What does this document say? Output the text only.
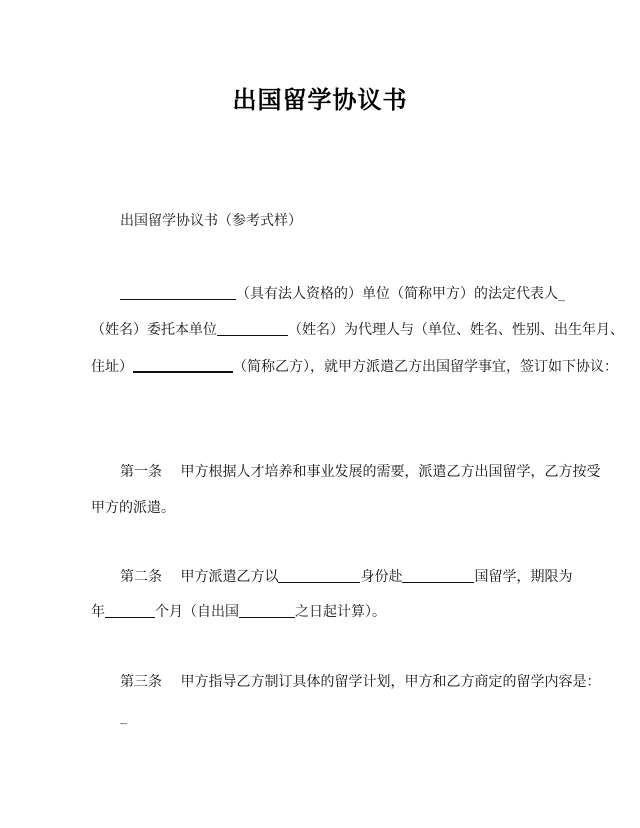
出国留学协议书
出国留学协议书（参考式样）
（具有法人资格的）单位（简称甲方）的法定代表人_
（姓名）委托本单位	（姓名）为代理人与（单位、姓名、性别、出生年月、
住址）	（简称乙方），就甲方派遣乙方出国留学事宜，签订如下协议：
第一条　 甲方根据人才培养和事业发展的需要，派遣乙方出国留学，乙方按受
甲方的派遣。
第二条　 甲方派遣乙方以	身份赴	国留学，期限为
年	个月（自出国	之日起计算）。
第三条　 甲方指导乙方制订具体的留学计划，甲方和乙方商定的留学内容是：
_
